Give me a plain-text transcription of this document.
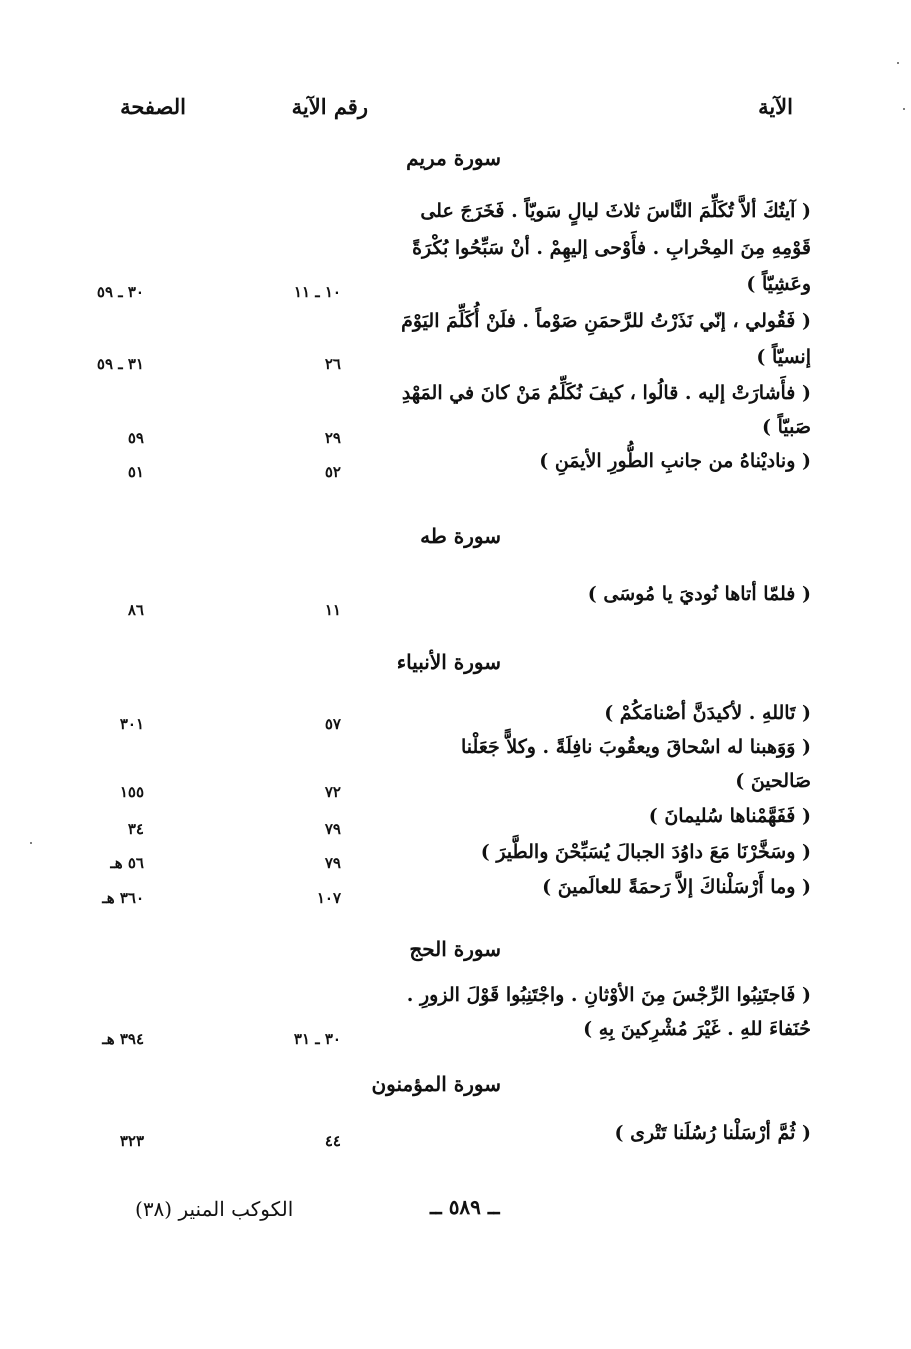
الآية
رقم الآية
الصفحة
سورة مريم
( آيتُكَ ألاَّ تُكَلِّمَ النَّاسَ ثلاثَ ليالٍ سَويّاً . فَخَرَجَ على
قَوْمِهِ مِنَ المِحْرابِ . فأَوْحى إليهِمْ . أنْ سَبِّحُوا بُكْرَةً
وعَشِيّاً )
( فَقُولي ، إنّي نَذَرْتُ للرَّحمَنِ صَوْماً . فلَنْ أُكَلِّمَ اليَوْمَ
إنسيّاً )
( فأَشارَتْ إليه . قالُوا ، كيفَ نُكَلِّمُ مَنْ كانَ في المَهْدِ
صَبيّاً )
( وناديْناهُ من جانبِ الطُّورِ الأيمَنِ )
١٠ ـ ١١
٣٠ ـ ٥٩
٢٦
٣١ ـ ٥٩
٢٩
٥٩
٥٢
٥١
سورة طه
( فلمّا أتاها نُوديَ يا مُوسَى )
١١
٨٦
سورة الأنبياء
( تَاللهِ . لأكيدَنَّ أصْنامَكُمْ )
( وَوَهبنا له اسْحاقَ ويعقُوبَ نافِلَةً . وكلاًّ جَعَلْنا
صَالحينَ )
( فَفَهَّمْناها سُليمانَ )
( وسَخَّرْنَا مَعَ داوُدَ الجبالَ يُسَبِّحْنَ والطَّيرَ )
( وما أَرْسَلْناكَ إلاَّ رَحمَةً للعالَمينَ )
٥٧
٣٠١
٧٢
١٥٥
٧٩
٣٤
٧٩
٥٦ هـ
١٠٧
٣٦٠ هـ
سورة الحج
( فَاجتَنِبُوا الرِّجْسَ مِنَ الأوْثانِ . واجْتَنِبُوا قَوْلَ الزورِ .
حُنَفاءَ للهِ . غَيْرَ مُشْرِكينَ بِهِ )
٣٠ ـ ٣١
٣٩٤ هـ
سورة المؤمنون
( ثُمَّ أرْسَلْنا رُسُلَنا تَتْرى )
٤٤
٣٢٣
ــ ٥٨٩ ــ
الكوكب المنير (٣٨)
